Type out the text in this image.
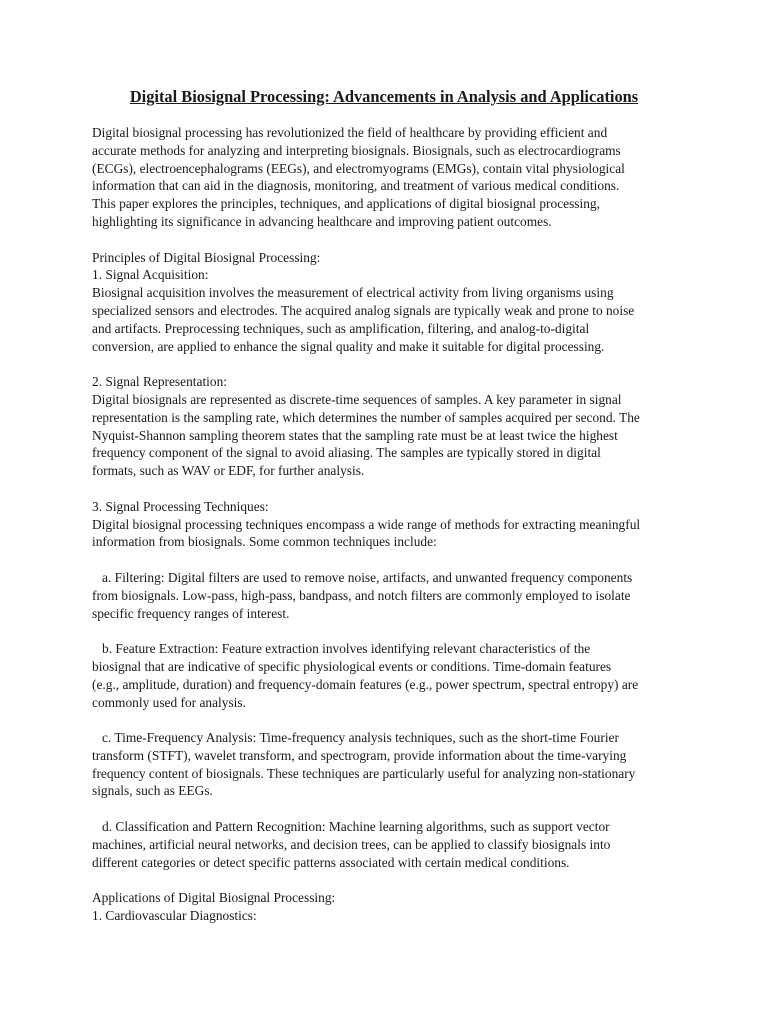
Digital Biosignal Processing: Advancements in Analysis and Applications

Digital biosignal processing has revolutionized the field of healthcare by providing efficient and
accurate methods for analyzing and interpreting biosignals. Biosignals, such as electrocardiograms
(ECGs), electroencephalograms (EEGs), and electromyograms (EMGs), contain vital physiological
information that can aid in the diagnosis, monitoring, and treatment of various medical conditions.
This paper explores the principles, techniques, and applications of digital biosignal processing,
highlighting its significance in advancing healthcare and improving patient outcomes.

Principles of Digital Biosignal Processing:

1. Signal Acquisition:

Biosignal acquisition involves the measurement of electrical activity from living organisms using
specialized sensors and electrodes. The acquired analog signals are typically weak and prone to noise
and artifacts. Preprocessing techniques, such as amplification, filtering, and analog-to-digital
conversion, are applied to enhance the signal quality and make it suitable for digital processing.

2. Signal Representation:

Digital biosignals are represented as discrete-time sequences of samples. A key parameter in signal
representation is the sampling rate, which determines the number of samples acquired per second. The
Nyquist-Shannon sampling theorem states that the sampling rate must be at least twice the highest
frequency component of the signal to avoid aliasing. The samples are typically stored in digital
formats, such as WAV or EDF, for further analysis.

3. Signal Processing Techniques:

Digital biosignal processing techniques encompass a wide range of methods for extracting meaningful
information from biosignals. Some common techniques include:

a. Filtering: Digital filters are used to remove noise, artifacts, and unwanted frequency components
from biosignals. Low-pass, high-pass, bandpass, and notch filters are commonly employed to isolate
specific frequency ranges of interest.

b. Feature Extraction: Feature extraction involves identifying relevant characteristics of the
biosignal that are indicative of specific physiological events or conditions. Time-domain features
(e.g., amplitude, duration) and frequency-domain features (e.g., power spectrum, spectral entropy) are
commonly used for analysis.

c. Time-Frequency Analysis: Time-frequency analysis techniques, such as the short-time Fourier
transform (STFT), wavelet transform, and spectrogram, provide information about the time-varying
frequency content of biosignals. These techniques are particularly useful for analyzing non-stationary
signals, such as EEGs.

d. Classification and Pattern Recognition: Machine learning algorithms, such as support vector
machines, artificial neural networks, and decision trees, can be applied to classify biosignals into
different categories or detect specific patterns associated with certain medical conditions.

Applications of Digital Biosignal Processing:

1. Cardiovascular Diagnostics:
